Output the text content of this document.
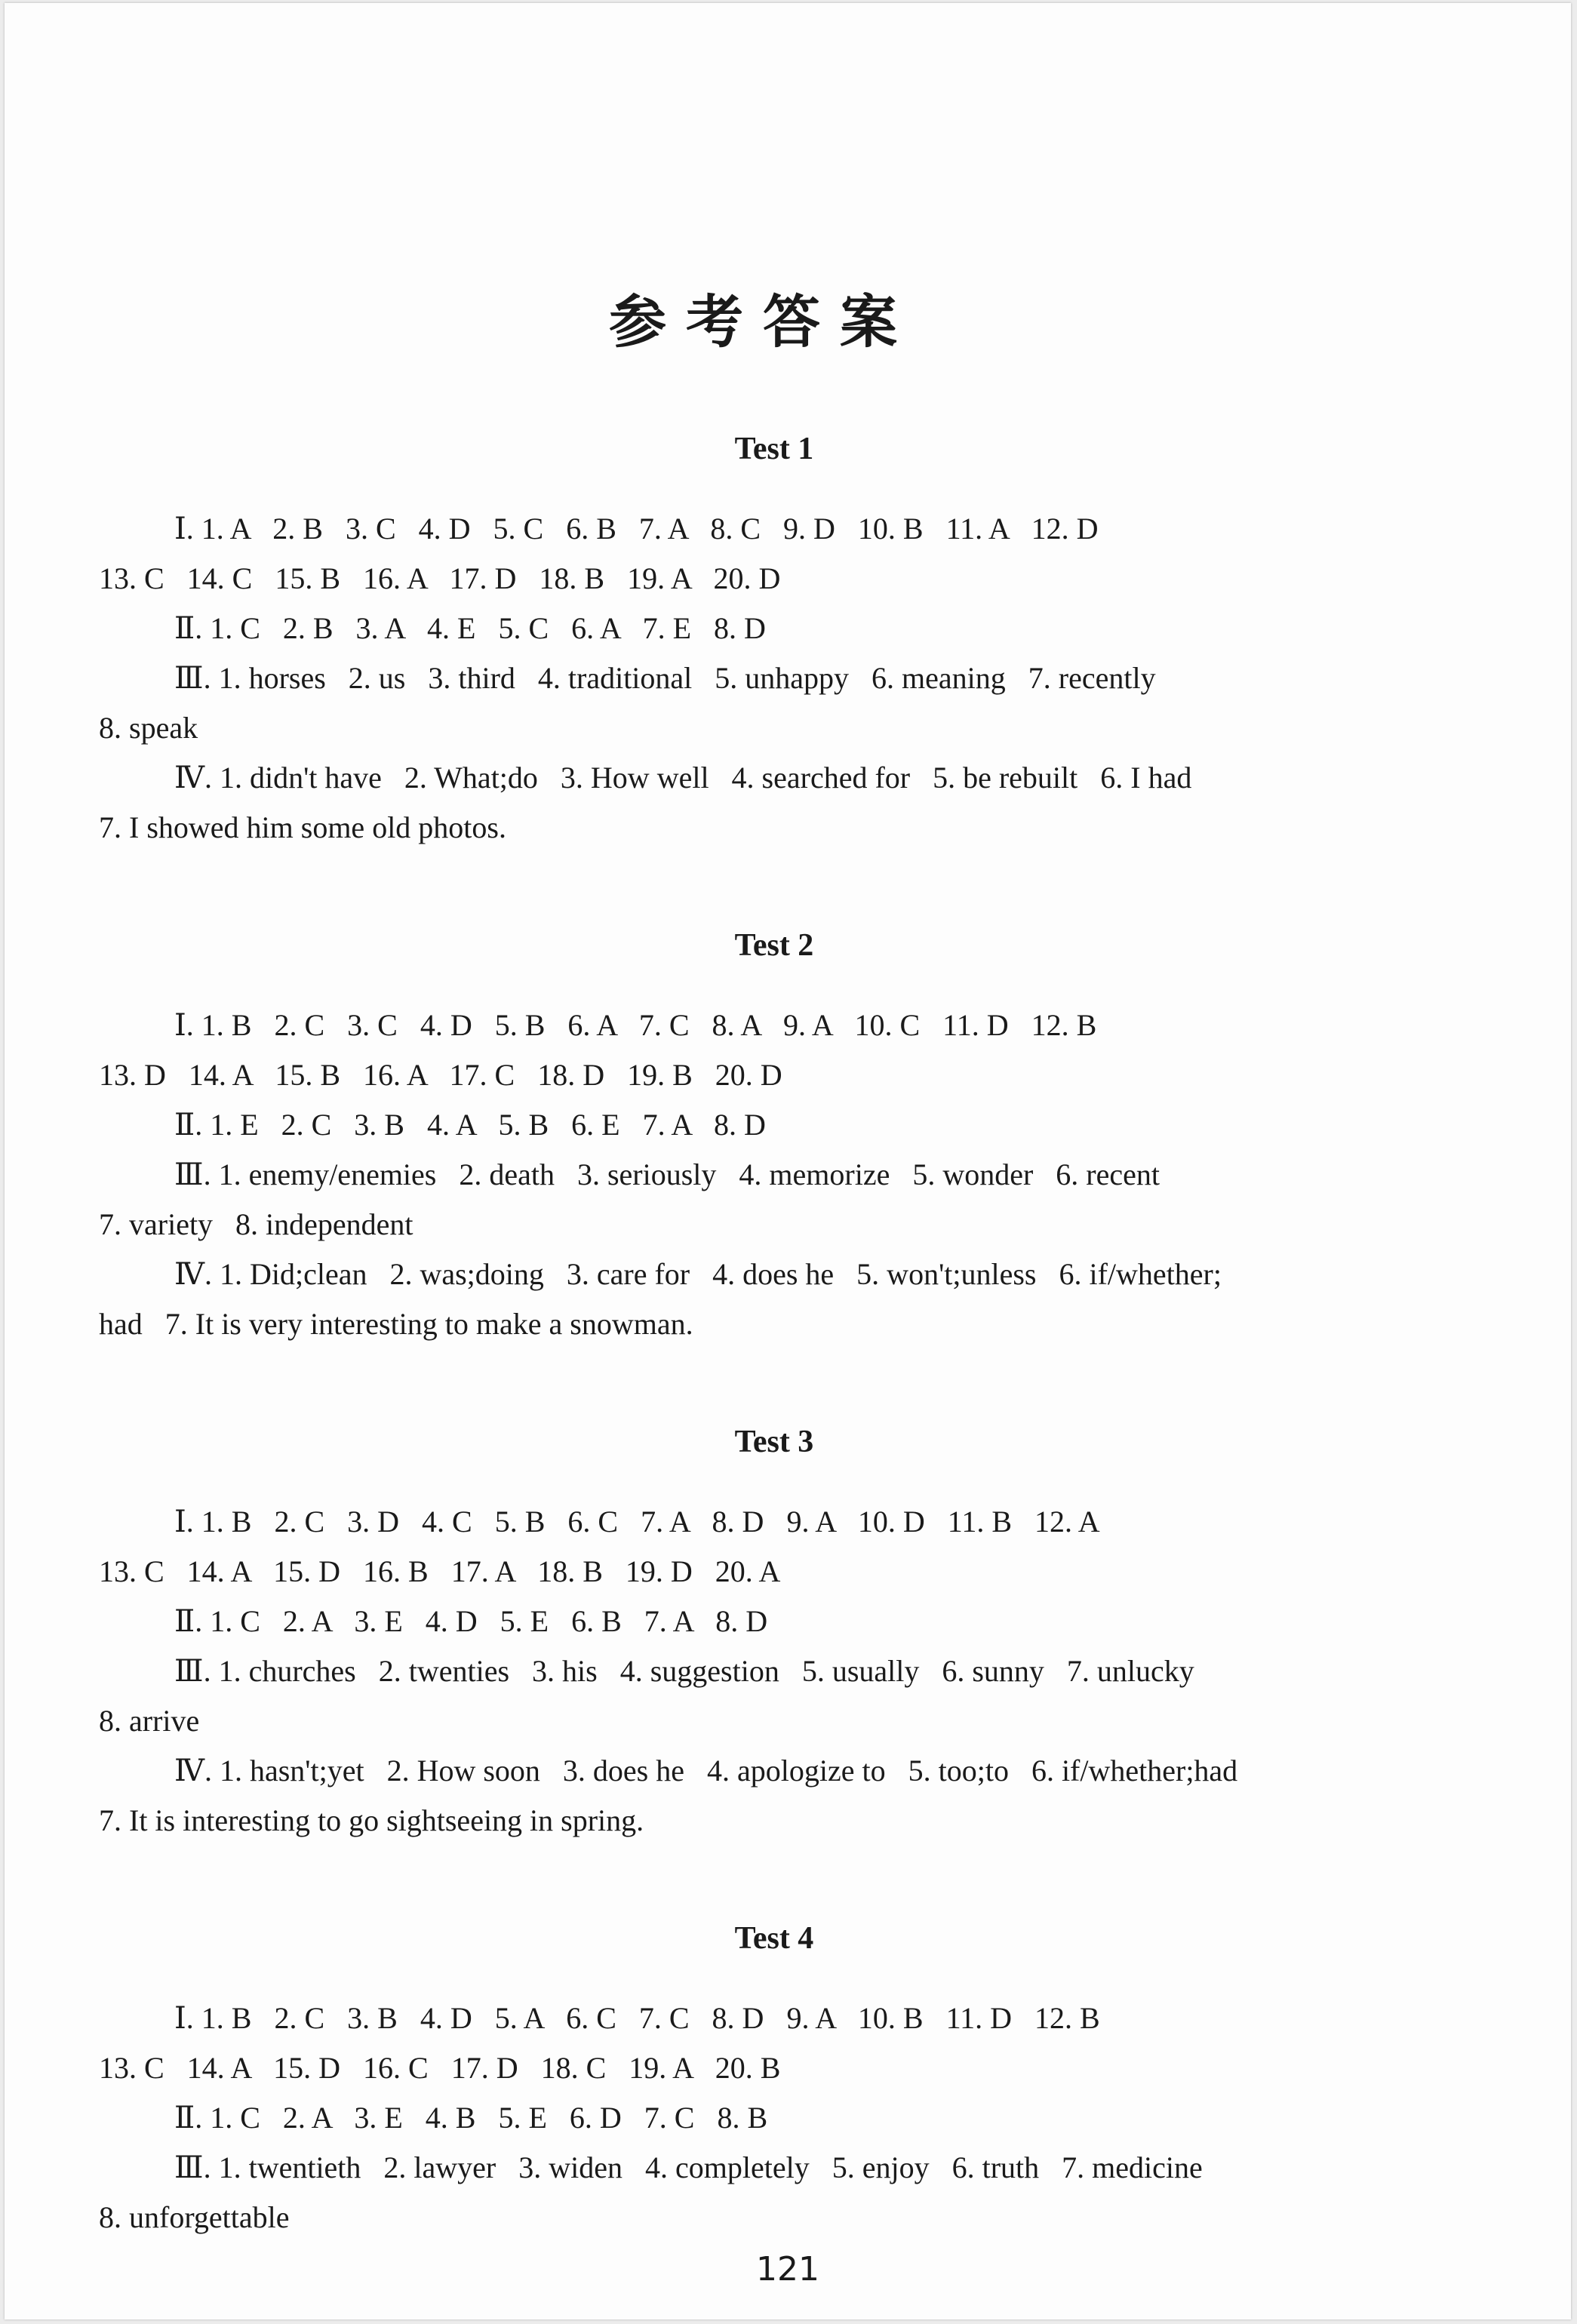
参考答案
Test 1
Ⅰ. 1. A   2. B   3. C   4. D   5. C   6. B   7. A   8. C   9. D   10. B   11. A   12. D
13. C   14. C   15. B   16. A   17. D   18. B   19. A   20. D
Ⅱ. 1. C   2. B   3. A   4. E   5. C   6. A   7. E   8. D
Ⅲ. 1. horses   2. us   3. third   4. traditional   5. unhappy   6. meaning   7. recently
8. speak
Ⅳ. 1. didn't have   2. What;do   3. How well   4. searched for   5. be rebuilt   6. I had
7. I showed him some old photos.
Test 2
Ⅰ. 1. B   2. C   3. C   4. D   5. B   6. A   7. C   8. A   9. A   10. C   11. D   12. B
13. D   14. A   15. B   16. A   17. C   18. D   19. B   20. D
Ⅱ. 1. E   2. C   3. B   4. A   5. B   6. E   7. A   8. D
Ⅲ. 1. enemy/enemies   2. death   3. seriously   4. memorize   5. wonder   6. recent
7. variety   8. independent
Ⅳ. 1. Did;clean   2. was;doing   3. care for   4. does he   5. won't;unless   6. if/whether;
had   7. It is very interesting to make a snowman.
Test 3
Ⅰ. 1. B   2. C   3. D   4. C   5. B   6. C   7. A   8. D   9. A   10. D   11. B   12. A
13. C   14. A   15. D   16. B   17. A   18. B   19. D   20. A
Ⅱ. 1. C   2. A   3. E   4. D   5. E   6. B   7. A   8. D
Ⅲ. 1. churches   2. twenties   3. his   4. suggestion   5. usually   6. sunny   7. unlucky
8. arrive
Ⅳ. 1. hasn't;yet   2. How soon   3. does he   4. apologize to   5. too;to   6. if/whether;had
7. It is interesting to go sightseeing in spring.
Test 4
Ⅰ. 1. B   2. C   3. B   4. D   5. A   6. C   7. C   8. D   9. A   10. B   11. D   12. B
13. C   14. A   15. D   16. C   17. D   18. C   19. A   20. B
Ⅱ. 1. C   2. A   3. E   4. B   5. E   6. D   7. C   8. B
Ⅲ. 1. twentieth   2. lawyer   3. widen   4. completely   5. enjoy   6. truth   7. medicine
8. unforgettable
121
